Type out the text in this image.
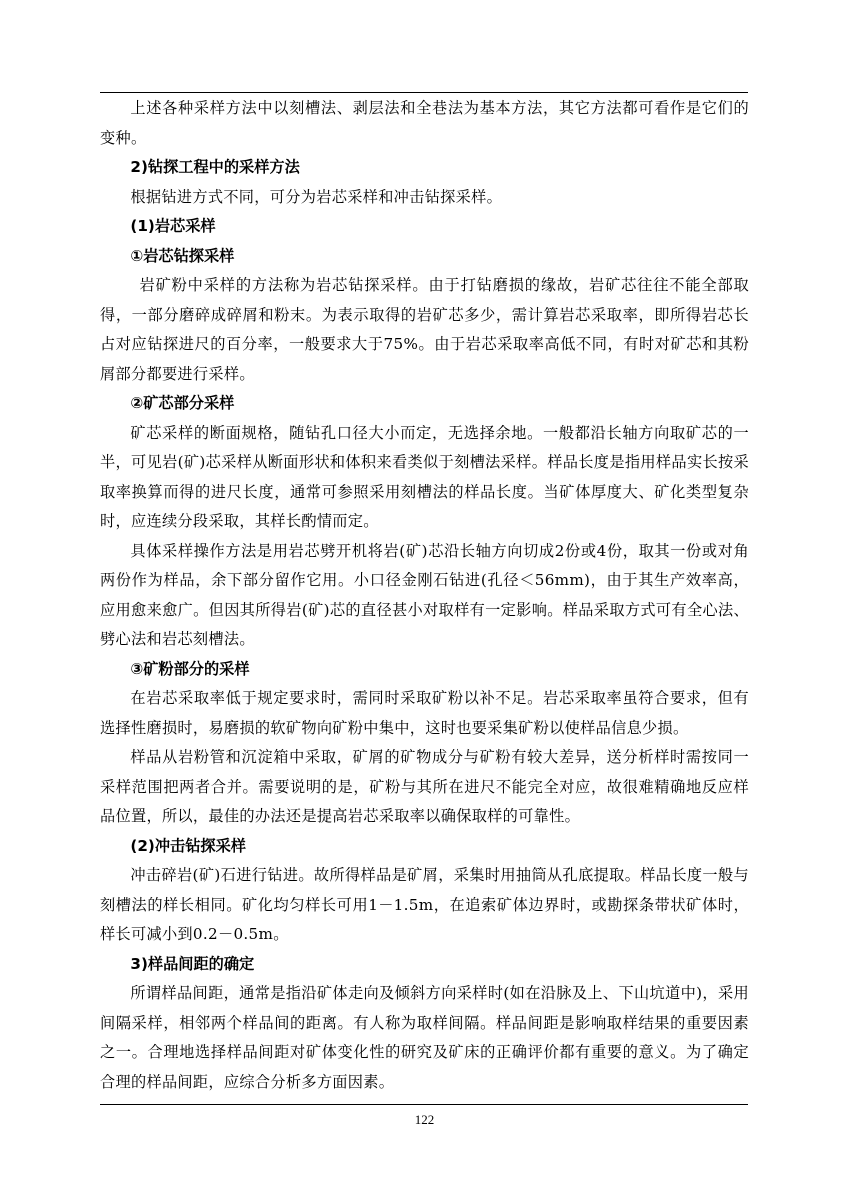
上述各种采样方法中以刻槽法、剥层法和全巷法为基本方法，其它方法都可看作是它们的变种。

2)钻探工程中的采样方法

根据钻进方式不同，可分为岩芯采样和冲击钻探采样。

(1)岩芯采样

①岩芯钻探采样

岩矿粉中采样的方法称为岩芯钻探采样。由于打钻磨损的缘故，岩矿芯往往不能全部取得，一部分磨碎成碎屑和粉末。为表示取得的岩矿芯多少，需计算岩芯采取率，即所得岩芯长占对应钻探进尺的百分率，一般要求大于75%。由于岩芯采取率高低不同，有时对矿芯和其粉屑部分都要进行采样。

②矿芯部分采样

矿芯采样的断面规格，随钻孔口径大小而定，无选择余地。一般都沿长轴方向取矿芯的一半，可见岩(矿)芯采样从断面形状和体积来看类似于刻槽法采样。样品长度是指用样品实长按采取率换算而得的进尺长度，通常可参照采用刻槽法的样品长度。当矿体厚度大、矿化类型复杂时，应连续分段采取，其样长酌情而定。

具体采样操作方法是用岩芯劈开机将岩(矿)芯沿长轴方向切成2份或4份，取其一份或对角两份作为样品，余下部分留作它用。小口径金刚石钻进(孔径＜56mm)，由于其生产效率高，应用愈来愈广。但因其所得岩(矿)芯的直径甚小对取样有一定影响。样品采取方式可有全心法、劈心法和岩芯刻槽法。

③矿粉部分的采样

在岩芯采取率低于规定要求时，需同时采取矿粉以补不足。岩芯采取率虽符合要求，但有选择性磨损时，易磨损的软矿物向矿粉中集中，这时也要采集矿粉以使样品信息少损。

样品从岩粉管和沉淀箱中采取，矿屑的矿物成分与矿粉有较大差异，送分析样时需按同一采样范围把两者合并。需要说明的是，矿粉与其所在进尺不能完全对应，故很难精确地反应样品位置，所以，最佳的办法还是提高岩芯采取率以确保取样的可靠性。

(2)冲击钻探采样

冲击碎岩(矿)石进行钻进。故所得样品是矿屑，采集时用抽筒从孔底提取。样品长度一般与刻槽法的样长相同。矿化均匀样长可用1－1.5m，在追索矿体边界时，或勘探条带状矿体时，样长可减小到0.2－0.5m。

3)样品间距的确定

所谓样品间距，通常是指沿矿体走向及倾斜方向采样时(如在沿脉及上、下山坑道中)，采用间隔采样，相邻两个样品间的距离。有人称为取样间隔。样品间距是影响取样结果的重要因素之一。合理地选择样品间距对矿体变化性的研究及矿床的正确评价都有重要的意义。为了确定合理的样品间距，应综合分析多方面因素。

122
